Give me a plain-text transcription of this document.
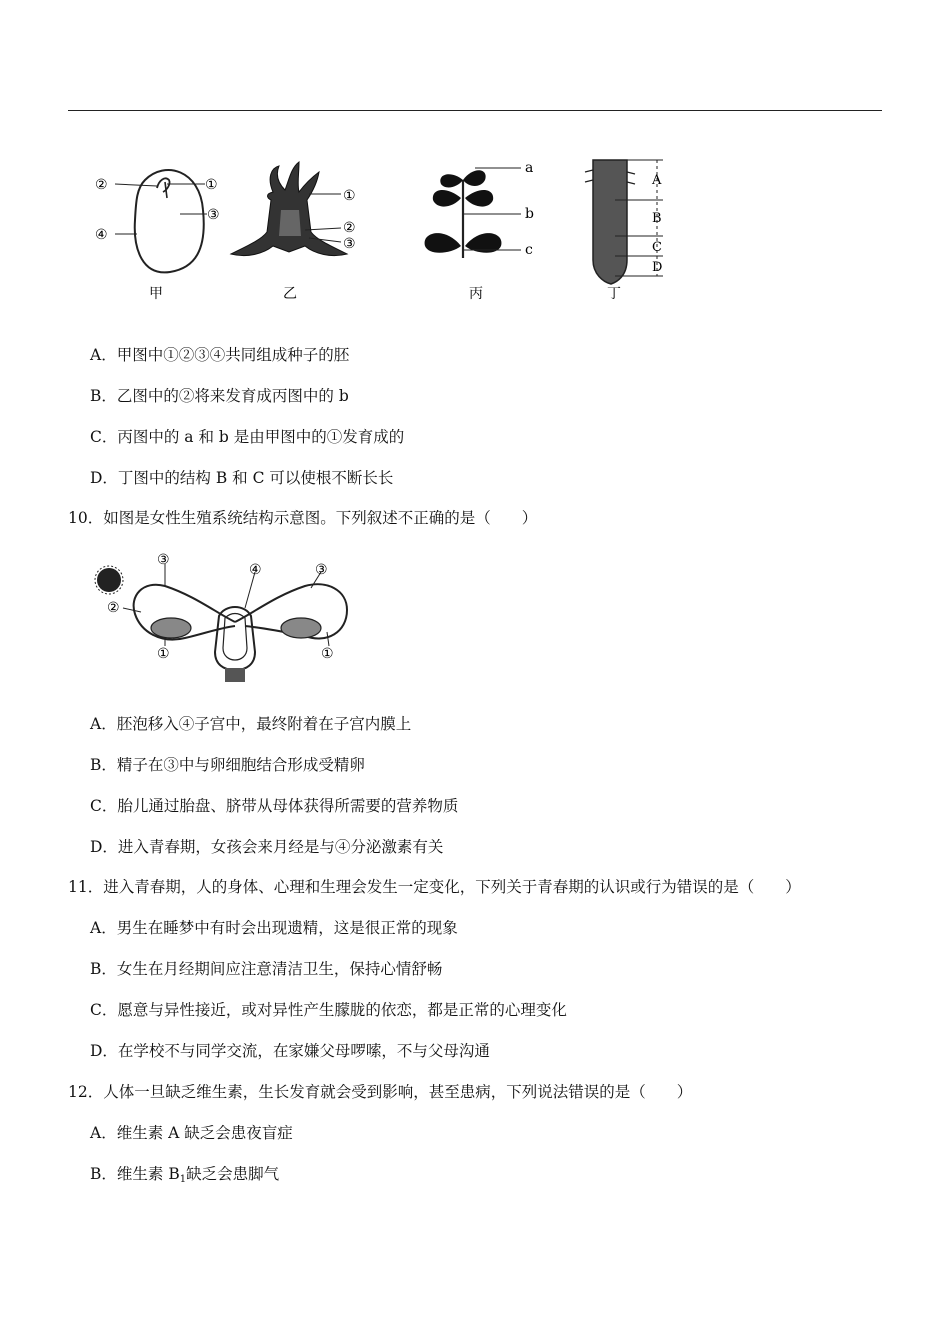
②	①
③
④
甲
①
②
③
乙
a
b
c
丙
A
B
C
D
丁
A．甲图中①②③④共同组成种子的胚
B．乙图中的②将来发育成丙图中的 b
C．丙图中的 a 和 b 是由甲图中的①发育成的
D．丁图中的结构 B 和 C 可以使根不断长长
10．如图是女性生殖系统结构示意图。下列叙述不正确的是（　　）
③
④	③
②
①	①
A．胚泡移入④子宫中，最终附着在子宫内膜上
B．精子在③中与卵细胞结合形成受精卵
C．胎儿通过胎盘、脐带从母体获得所需要的营养物质
D．进入青春期，女孩会来月经是与④分泌激素有关
11．进入青春期，人的身体、心理和生理会发生一定变化，下列关于青春期的认识或行为错误的是（　　）
A．男生在睡梦中有时会出现遗精，这是很正常的现象
B．女生在月经期间应注意清洁卫生，保持心情舒畅
C．愿意与异性接近，或对异性产生朦胧的依恋，都是正常的心理变化
D．在学校不与同学交流，在家嫌父母啰嗦，不与父母沟通
12．人体一旦缺乏维生素，生长发育就会受到影响，甚至患病，下列说法错误的是（　　）
A．维生素 A 缺乏会患夜盲症
B．维生素 $B_1$缺乏会患脚气
